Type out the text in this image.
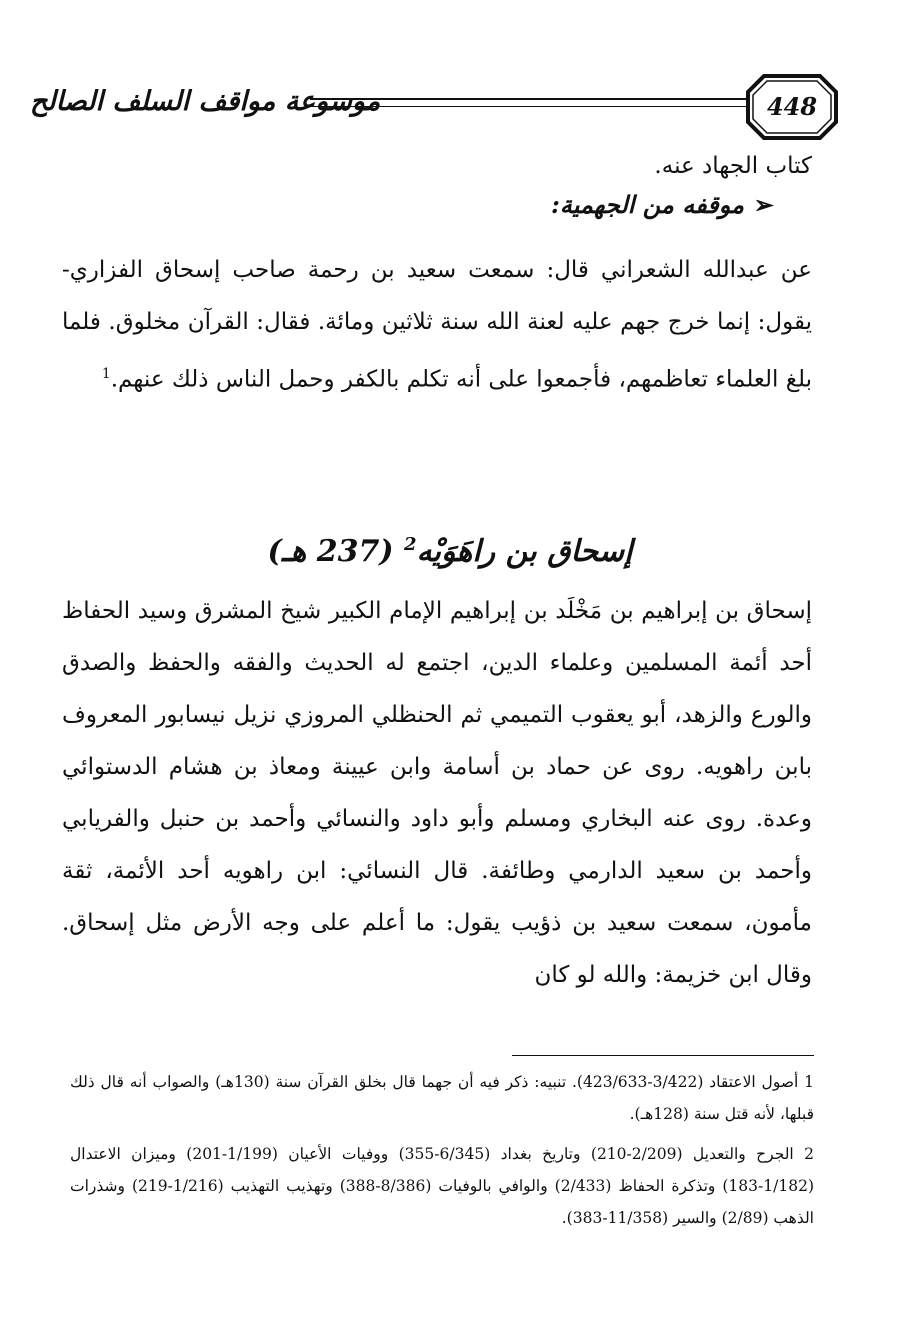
موسوعة مواقف السلف الصالح	448

كتاب الجهاد عنه.

➢
موقفه من الجهمية:

عن عبدالله الشعراني قال: سمعت سعيد بن رحمة صاحب إسحاق الفزاري- يقول: إنما خرج جهم عليه لعنة الله سنة ثلاثين ومائة. فقال: القرآن مخلوق. فلما بلغ العلماء تعاظمهم، فأجمعوا على أنه تكلم بالكفر وحمل الناس ذلك عنهم.$^1$

إسحاق بن راهَوَيْه$^2$ (237 هـ)

إسحاق بن إبراهيم بن مَخْلَد بن إبراهيم الإمام الكبير شيخ المشرق وسيد الحفاظ أحد أئمة المسلمين وعلماء الدين، اجتمع له الحديث والفقه والحفظ والصدق والورع والزهد، أبو يعقوب التميمي ثم الحنظلي المروزي نزيل نيسابور المعروف بابن راهويه. روى عن حماد بن أسامة وابن عيينة ومعاذ بن هشام الدستوائي وعدة. روى عنه البخاري ومسلم وأبو داود والنسائي وأحمد بن حنبل والفريابي وأحمد بن سعيد الدارمي وطائفة. قال النسائي: ابن راهويه أحد الأئمة، ثقة مأمون، سمعت سعيد بن ذؤيب يقول: ما أعلم على وجه الأرض مثل إسحاق. وقال ابن خزيمة: والله لو كان

1 أصول الاعتقاد (3/422-423/633). تنبيه: ذكر فيه أن جهما قال بخلق القرآن سنة (130هـ) والصواب أنه قال ذلك قبلها، لأنه قتل سنة (128هـ).

2 الجرح والتعديل (2/209-210) وتاريخ بغداد (6/345-355) ووفيات الأعيان (1/199-201) وميزان الاعتدال (1/182-183) وتذكرة الحفاظ (2/433) والوافي بالوفيات (8/386-388) وتهذيب التهذيب (1/216-219) وشذرات الذهب (2/89) والسير (11/358-383).
